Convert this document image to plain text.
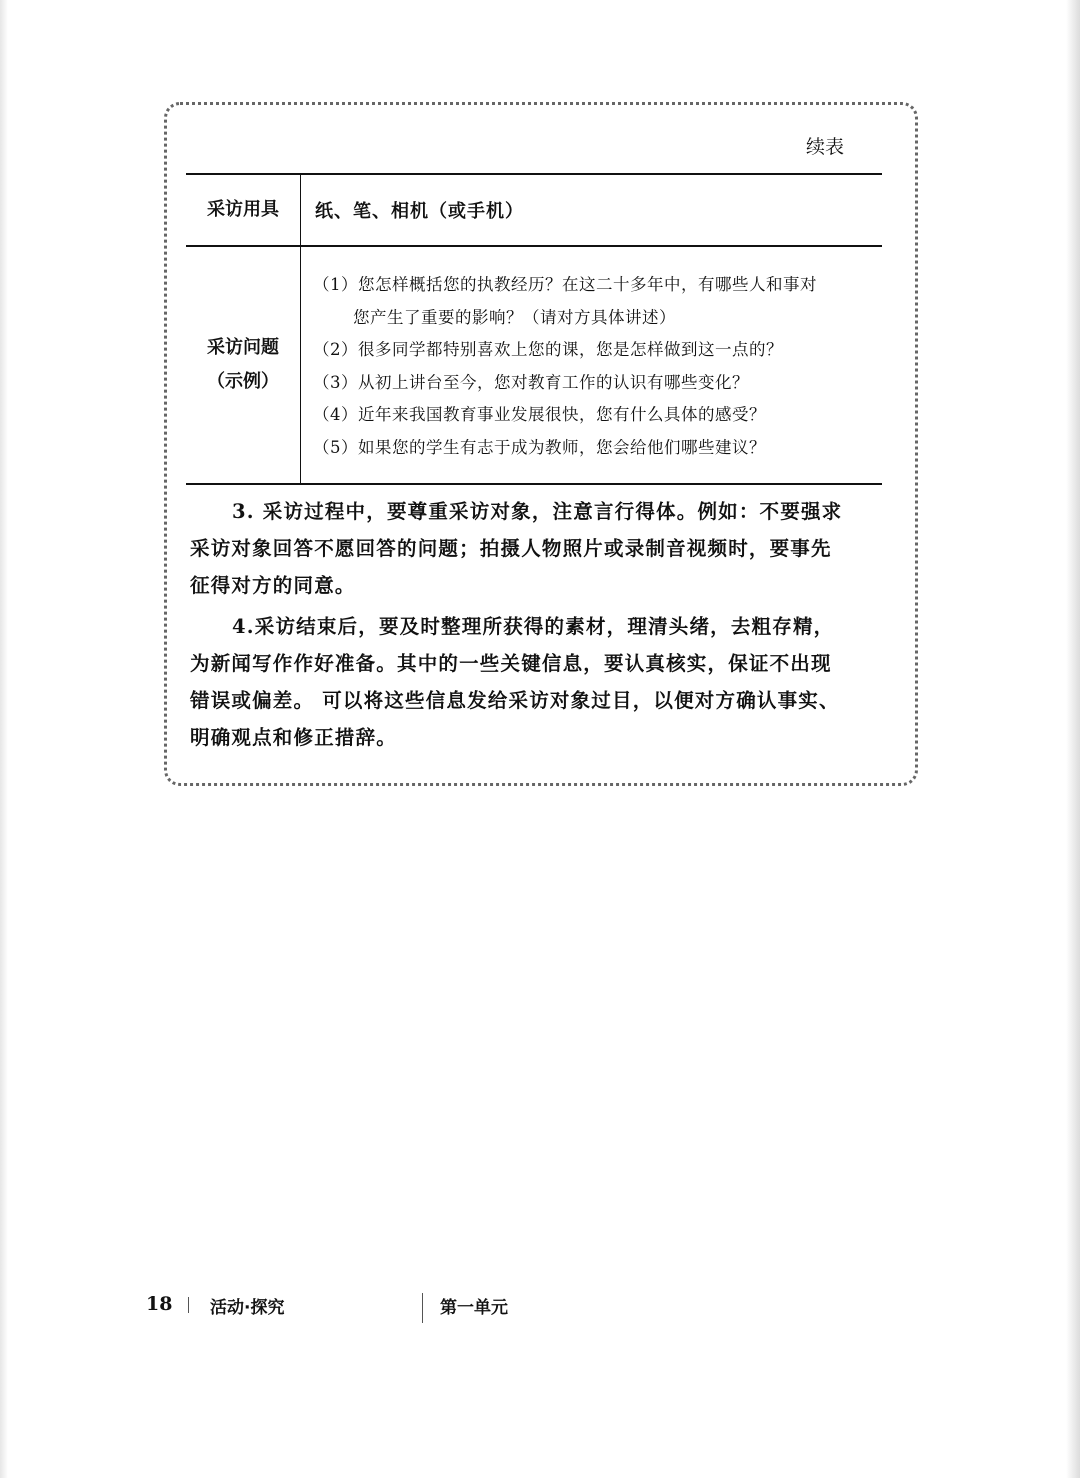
续表
采访用具 纸、笔、相机（或手机）
采访问题
（示例）
（1）您怎样概括您的执教经历？在这二十多年中，有哪些人和事对
您产生了重要的影响？（请对方具体讲述）
（2）很多同学都特别喜欢上您的课，您是怎样做到这一点的？
（3）从初上讲台至今，您对教育工作的认识有哪些变化？
（4）近年来我国教育事业发展很快，您有什么具体的感受？
（5）如果您的学生有志于成为教师，您会给他们哪些建议？
3. 采访过程中，要尊重采访对象，注意言行得体。例如：不要强求
采访对象回答不愿回答的问题；拍摄人物照片或录制音视频时，要事先
征得对方的同意。
4.采访结束后，要及时整理所获得的素材，理清头绪，去粗存精，
为新闻写作作好准备。其中的一些关键信息，要认真核实，保证不出现
错误或偏差。 可以将这些信息发给采访对象过目，以便对方确认事实、
明确观点和修正措辞。
18 活动·探究	第一单元
